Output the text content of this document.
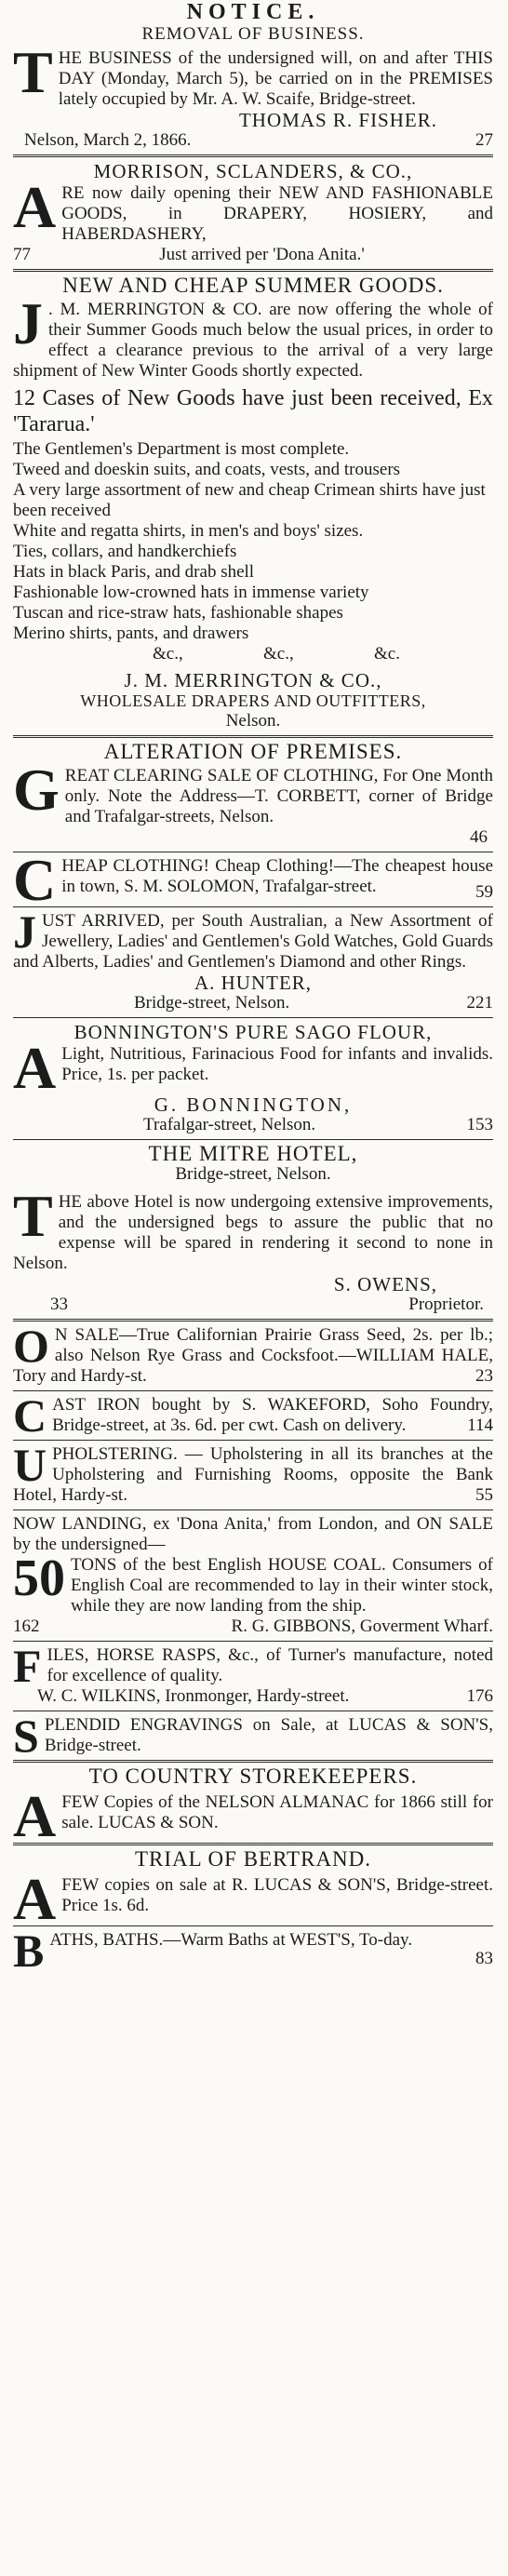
NOTICE.
REMOVAL OF BUSINESS.
T HE BUSINESS of the undersigned will, on and after THIS DAY (Monday, March 5), be carried on in the PREMISES lately occupied by Mr. A. W. Scaife, Bridge-street.
THOMAS R. FISHER.
Nelson, March 2, 1866.	27
MORRISON, SCLANDERS, & CO.,
A RE now daily opening their NEW AND FASHIONABLE GOODS, in DRAPERY, HOSIERY, and HABERDASHERY,
77	Just arrived per 'Dona Anita.'
NEW AND CHEAP SUMMER GOODS.
J . M. MERRINGTON & CO. are now offering the whole of their Summer Goods much below the usual prices, in order to effect a clearance previous to the arrival of a very large shipment of New Winter Goods shortly expected.
12 Cases of New Goods have just been received, Ex 'Tararua.'
The Gentlemen's Department is most complete.
Tweed and doeskin suits, and coats, vests, and trousers
A very large assortment of new and cheap Crimean shirts have just been received
White and regatta shirts, in men's and boys' sizes.
Ties, collars, and handkerchiefs
Hats in black Paris, and drab shell
Fashionable low-crowned hats in immense variety
Tuscan and rice-straw hats, fashionable shapes
Merino shirts, pants, and drawers
&c.,	&c.,	&c.
J. M. MERRINGTON & CO.,
WHOLESALE DRAPERS AND OUTFITTERS,
Nelson.
ALTERATION OF PREMISES.
G REAT CLEARING SALE OF CLOTHING, For One Month only. Note the Address—T. CORBETT, corner of Bridge and Trafalgar-streets, Nelson.
46
C HEAP CLOTHING! Cheap Clothing!—The cheapest house in town, S. M. SOLOMON, Trafalgar-street.	59
J UST ARRIVED, per South Australian, a New Assortment of Jewellery, Ladies' and Gentlemen's Gold Watches, Gold Guards and Alberts, Ladies' and Gentlemen's Diamond and other Rings.
A. HUNTER,
Bridge-street, Nelson.	221
BONNINGTON'S PURE SAGO FLOUR,
A Light, Nutritious, Farinacious Food for infants and invalids. Price, 1s. per packet.
G. BONNINGTON,
Trafalgar-street, Nelson.	153
THE MITRE HOTEL,
Bridge-street, Nelson.
T HE above Hotel is now undergoing extensive improvements, and the undersigned begs to assure the public that no expense will be spared in rendering it second to none in Nelson.
S. OWENS,
33	Proprietor.
O N SALE—True Californian Prairie Grass Seed, 2s. per lb.; also Nelson Rye Grass and Cocksfoot.—WILLIAM HALE, Tory and Hardy-st.	23
C AST IRON bought by S. WAKEFORD, Soho Foundry, Bridge-street, at 3s. 6d. per cwt. Cash on delivery.	114
U PHOLSTERING. — Upholstering in all its branches at the Upholstering and Furnishing Rooms, opposite the Bank Hotel, Hardy-st.	55
NOW LANDING, ex 'Dona Anita,' from London, and ON SALE by the undersigned—
50 TONS of the best English HOUSE COAL. Consumers of English Coal are recommended to lay in their winter stock, while they are now landing from the ship.
162	R. G. GIBBONS, Goverment Wharf.
F ILES, HORSE RASPS, &c., of Turner's manufacture, noted for excellence of quality.
W. C. WILKINS, Ironmonger, Hardy-street.	176
S PLENDID ENGRAVINGS on Sale, at LUCAS & SON'S, Bridge-street.
TO COUNTRY STOREKEEPERS.
A FEW Copies of the NELSON ALMANAC for 1866 still for sale. LUCAS & SON.
TRIAL OF BERTRAND.
A FEW copies on sale at R. LUCAS & SON'S, Bridge-street. Price 1s. 6d.
B ATHS, BATHS.—Warm Baths at WEST'S, To-day.
83
